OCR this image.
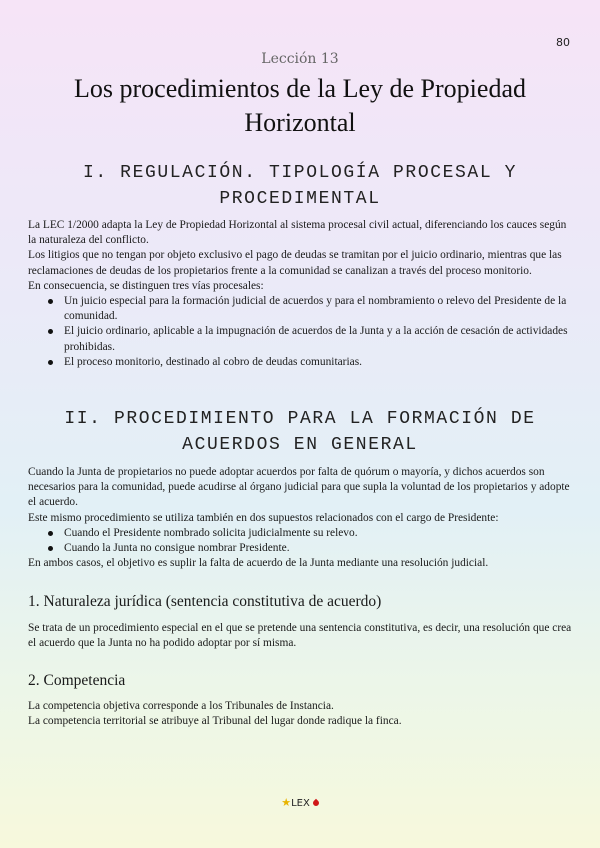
80
Lección 13
Los procedimientos de la Ley de Propiedad Horizontal
I. REGULACIÓN. TIPOLOGÍA PROCESAL Y PROCEDIMENTAL

La LEC 1/2000 adapta la Ley de Propiedad Horizontal al sistema procesal civil actual, diferenciando los cauces según la naturaleza del conflicto.

Los litigios que no tengan por objeto exclusivo el pago de deudas se tramitan por el juicio ordinario, mientras que las reclamaciones de deudas de los propietarios frente a la comunidad se canalizan a través del proceso monitorio.

En consecuencia, se distinguen tres vías procesales:

Un juicio especial para la formación judicial de acuerdos y para el nombramiento o relevo del Presidente de la comunidad.
El juicio ordinario, aplicable a la impugnación de acuerdos de la Junta y a la acción de cesación de actividades prohibidas.
El proceso monitorio, destinado al cobro de deudas comunitarias.
II. PROCEDIMIENTO PARA LA FORMACIÓN DE ACUERDOS EN GENERAL

Cuando la Junta de propietarios no puede adoptar acuerdos por falta de quórum o mayoría, y dichos acuerdos son necesarios para la comunidad, puede acudirse al órgano judicial para que supla la voluntad de los propietarios y adopte el acuerdo.

Este mismo procedimiento se utiliza también en dos supuestos relacionados con el cargo de Presidente:

Cuando el Presidente nombrado solicita judicialmente su relevo.
Cuando la Junta no consigue nombrar Presidente.

En ambos casos, el objetivo es suplir la falta de acuerdo de la Junta mediante una resolución judicial.

1. Naturaleza jurídica (sentencia constitutiva de acuerdo)

Se trata de un procedimiento especial en el que se pretende una sentencia constitutiva, es decir, una resolución que crea el acuerdo que la Junta no ha podido adoptar por sí misma.

2. Competencia

La competencia objetiva corresponde a los Tribunales de Instancia.

La competencia territorial se atribuye al Tribunal del lugar donde radique la finca.

★LEX
